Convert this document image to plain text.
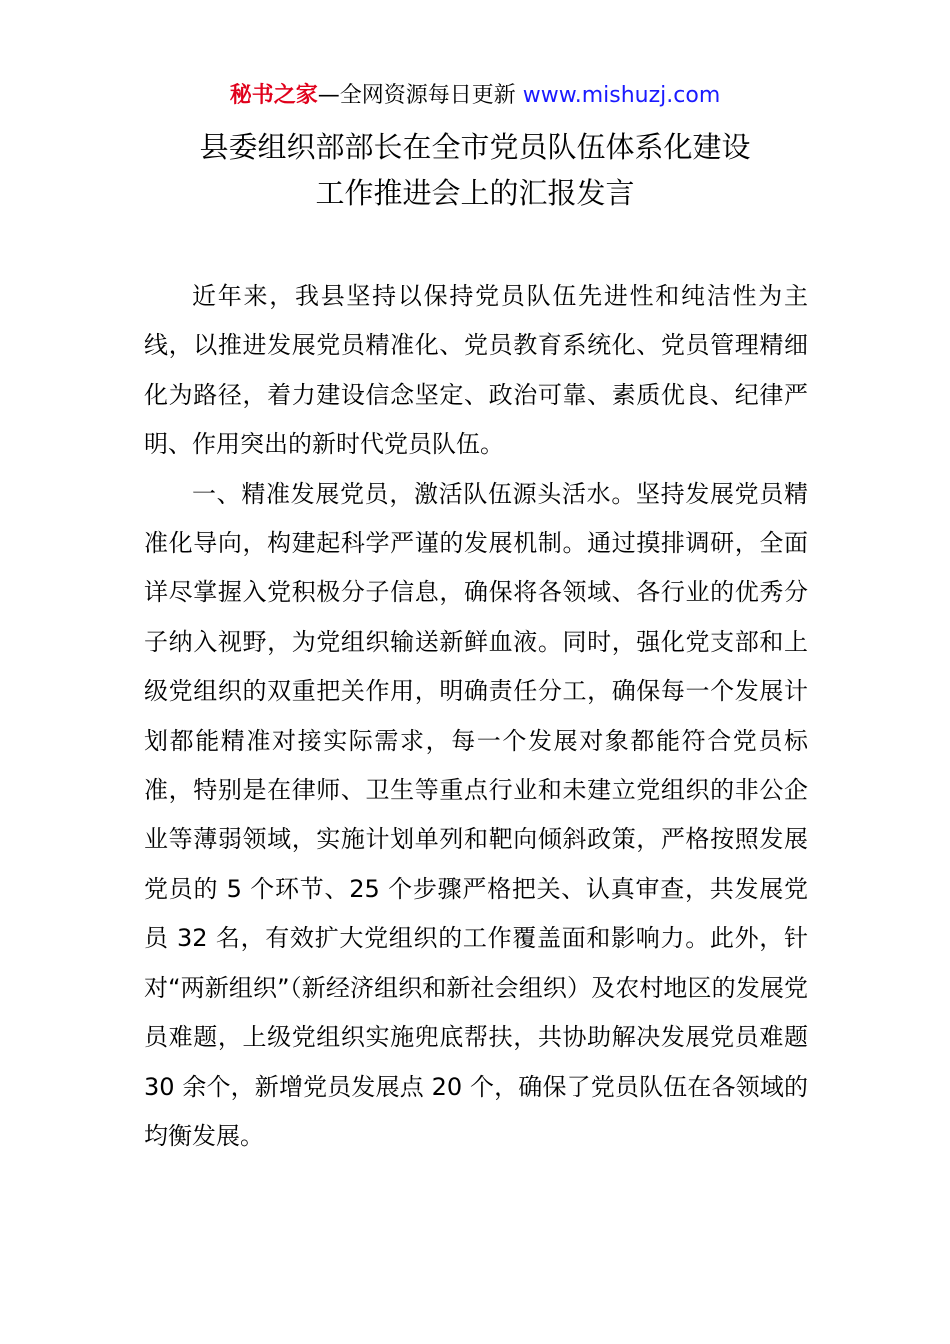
秘书之家—全网资源每日更新 www.mishuzj.com
县委组织部部长在全市党员队伍体系化建设
工作推进会上的汇报发言

近年来，我县坚持以保持党员队伍先进性和纯洁性为主线，以推进发展党员精准化、党员教育系统化、党员管理精细化为路径，着力建设信念坚定、政治可靠、素质优良、纪律严明、作用突出的新时代党员队伍。

一、精准发展党员，激活队伍源头活水。坚持发展党员精准化导向，构建起科学严谨的发展机制。通过摸排调研，全面详尽掌握入党积极分子信息，确保将各领域、各行业的优秀分子纳入视野，为党组织输送新鲜血液。同时，强化党支部和上级党组织的双重把关作用，明确责任分工，确保每一个发展计划都能精准对接实际需求，每一个发展对象都能符合党员标准，特别是在律师、卫生等重点行业和未建立党组织的非公企业等薄弱领域，实施计划单列和靶向倾斜政策，严格按照发展党员的 5 个环节、25 个步骤严格把关、认真审查，共发展党员 32 名，有效扩大党组织的工作覆盖面和影响力。此外，针对“两新组织”（新经济组织和新社会组织）及农村地区的发展党员难题，上级党组织实施兜底帮扶，共协助解决发展党员难题 30 余个，新增党员发展点 20 个，确保了党员队伍在各领域的均衡发展。
